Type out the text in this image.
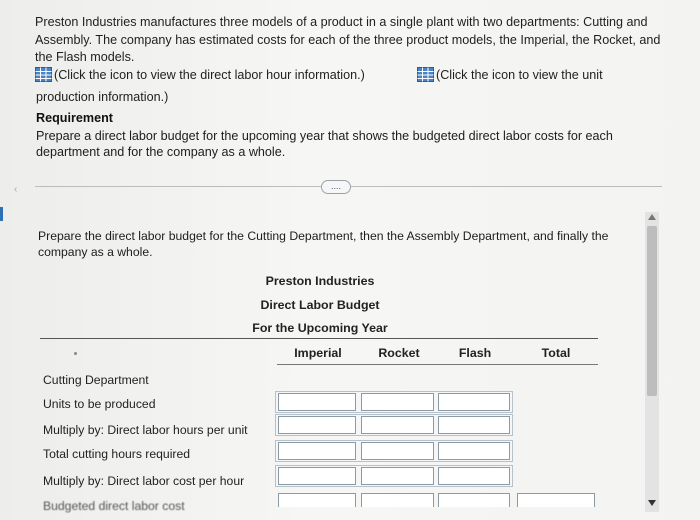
Preston Industries manufactures three models of a product in a single plant with two departments: Cutting and Assembly. The company has estimated costs for each of the three product models, the Imperial, the Rocket, and the Flash models.
(Click the icon to view the direct labor hour information.)	(Click the icon to view the unit
production information.)
Requirement
Prepare a direct labor budget for the upcoming year that shows the budgeted direct labor costs for each department and for the company as a whole.
‹	....
Prepare the direct labor budget for the Cutting Department, then the Assembly Department, and finally the company as a whole.
Preston Industries
Direct Labor Budget
For the Upcoming Year
Imperial	Rocket	Flash	Total
Cutting Department
Units to be produced
Multiply by: Direct labor hours per unit
Total cutting hours required
Multiply by: Direct labor cost per hour
Budgeted direct labor cost
